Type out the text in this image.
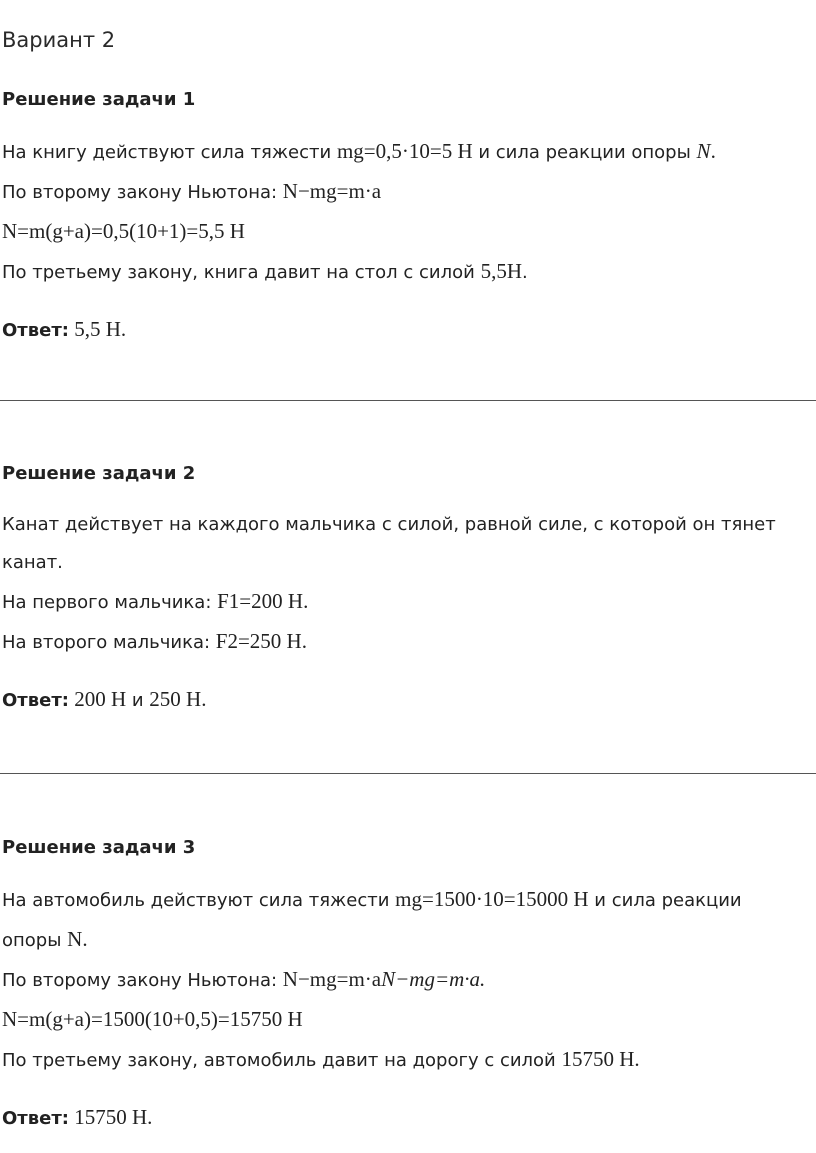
Вариант 2
Решение задачи 1

На книгу действуют сила тяжести mg=0,5·10=5 Н и сила реакции опоры N.

По второму закону Ньютона: N−mg=m·a

N=m(g+a)=0,5(10+1)=5,5 Н

По третьему закону, книга давит на стол с силой 5,5Н.

Ответ: 5,5 Н.

Решение задачи 2

Канат действует на каждого мальчика с силой, равной силе, с которой он тянет канат.

На первого мальчика: F1=200 Н.

На второго мальчика: F2=250 Н.

Ответ: 200 Н и 250 Н.

Решение задачи 3

На автомобиль действуют сила тяжести mg=1500·10=15000 Н и сила реакции опоры N.

По второму закону Ньютона: N−mg=m·aN−mg=m·a.

N=m(g+a)=1500(10+0,5)=15750 Н

По третьему закону, автомобиль давит на дорогу с силой 15750 Н.

Ответ: 15750 Н.
